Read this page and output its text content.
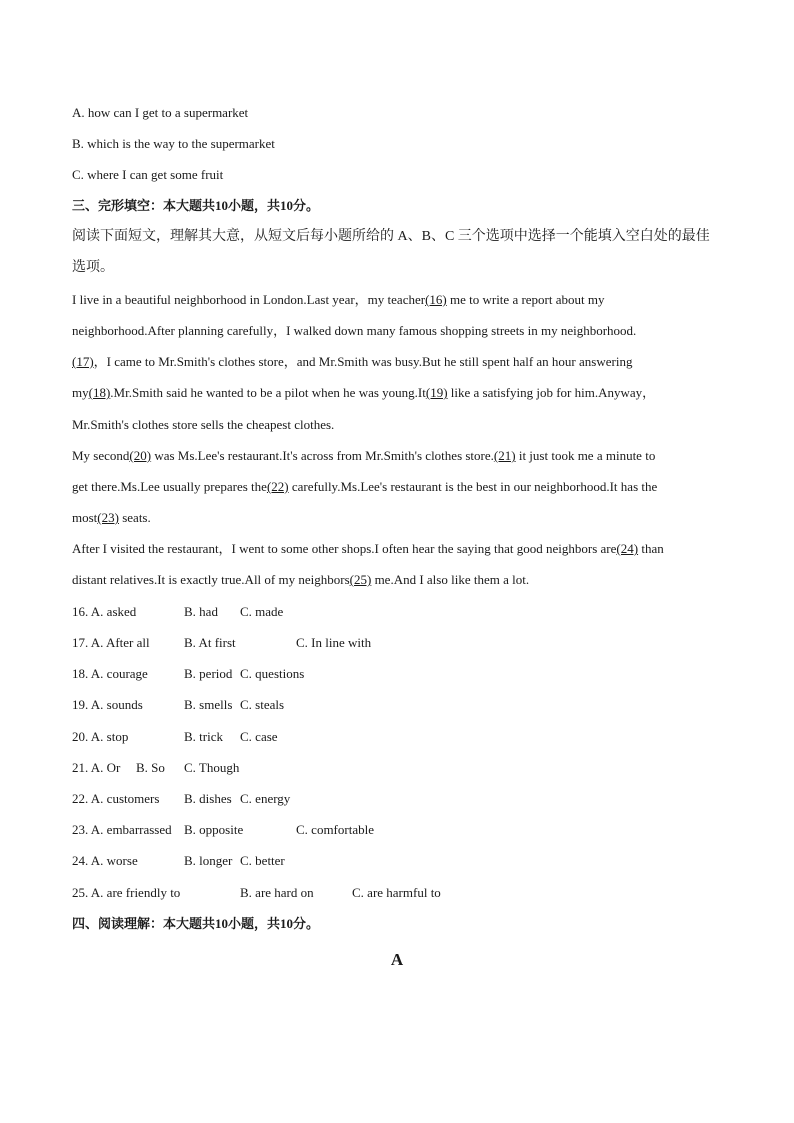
A. how can I get to a supermarket
B. which is the way to the supermarket
C. where I can get some fruit
三、完形填空：本大题共10小题，共10分。
阅读下面短文，理解其大意，从短文后每小题所给的 A、B、C 三个选项中选择一个能填入空白处的最佳
选项。
I live in a beautiful neighborhood in London.Last year，my teacher(16) me to write a report about my
neighborhood.After planning carefully，I walked down many famous shopping streets in my neighborhood.
(17)，I came to Mr.Smith's clothes store，and Mr.Smith was busy.But he still spent half an hour answering
my(18).Mr.Smith said he wanted to be a pilot when he was young.It(19) like a satisfying job for him.Anyway，
Mr.Smith's clothes store sells the cheapest clothes.
My second(20) was Ms.Lee's restaurant.It's across from Mr.Smith's clothes store.(21) it just took me a minute to
get there.Ms.Lee usually prepares the(22) carefully.Ms.Lee's restaurant is the best in our neighborhood.It has the
most(23) seats.
After I visited the restaurant，I went to some other shops.I often hear the saying that good neighbors are(24) than
distant relatives.It is exactly true.All of my neighbors(25) me.And I also like them a lot.
16. A. asked	B. had C. made
17. A. After all	B. At first	C. In line with
18. A. courage	B. period C. questions
19. A. sounds	B. smells C. steals
20. A. stop	B. trick C. case
21. A. Or B. So C. Though
22. A. customers B. dishes C. energy
23. A. embarrassed B. opposite	C. comfortable
24. A. worse	B. longer C. better
25. A. are friendly to	B. are hard on	C. are harmful to
四、阅读理解：本大题共10小题，共10分。
A
